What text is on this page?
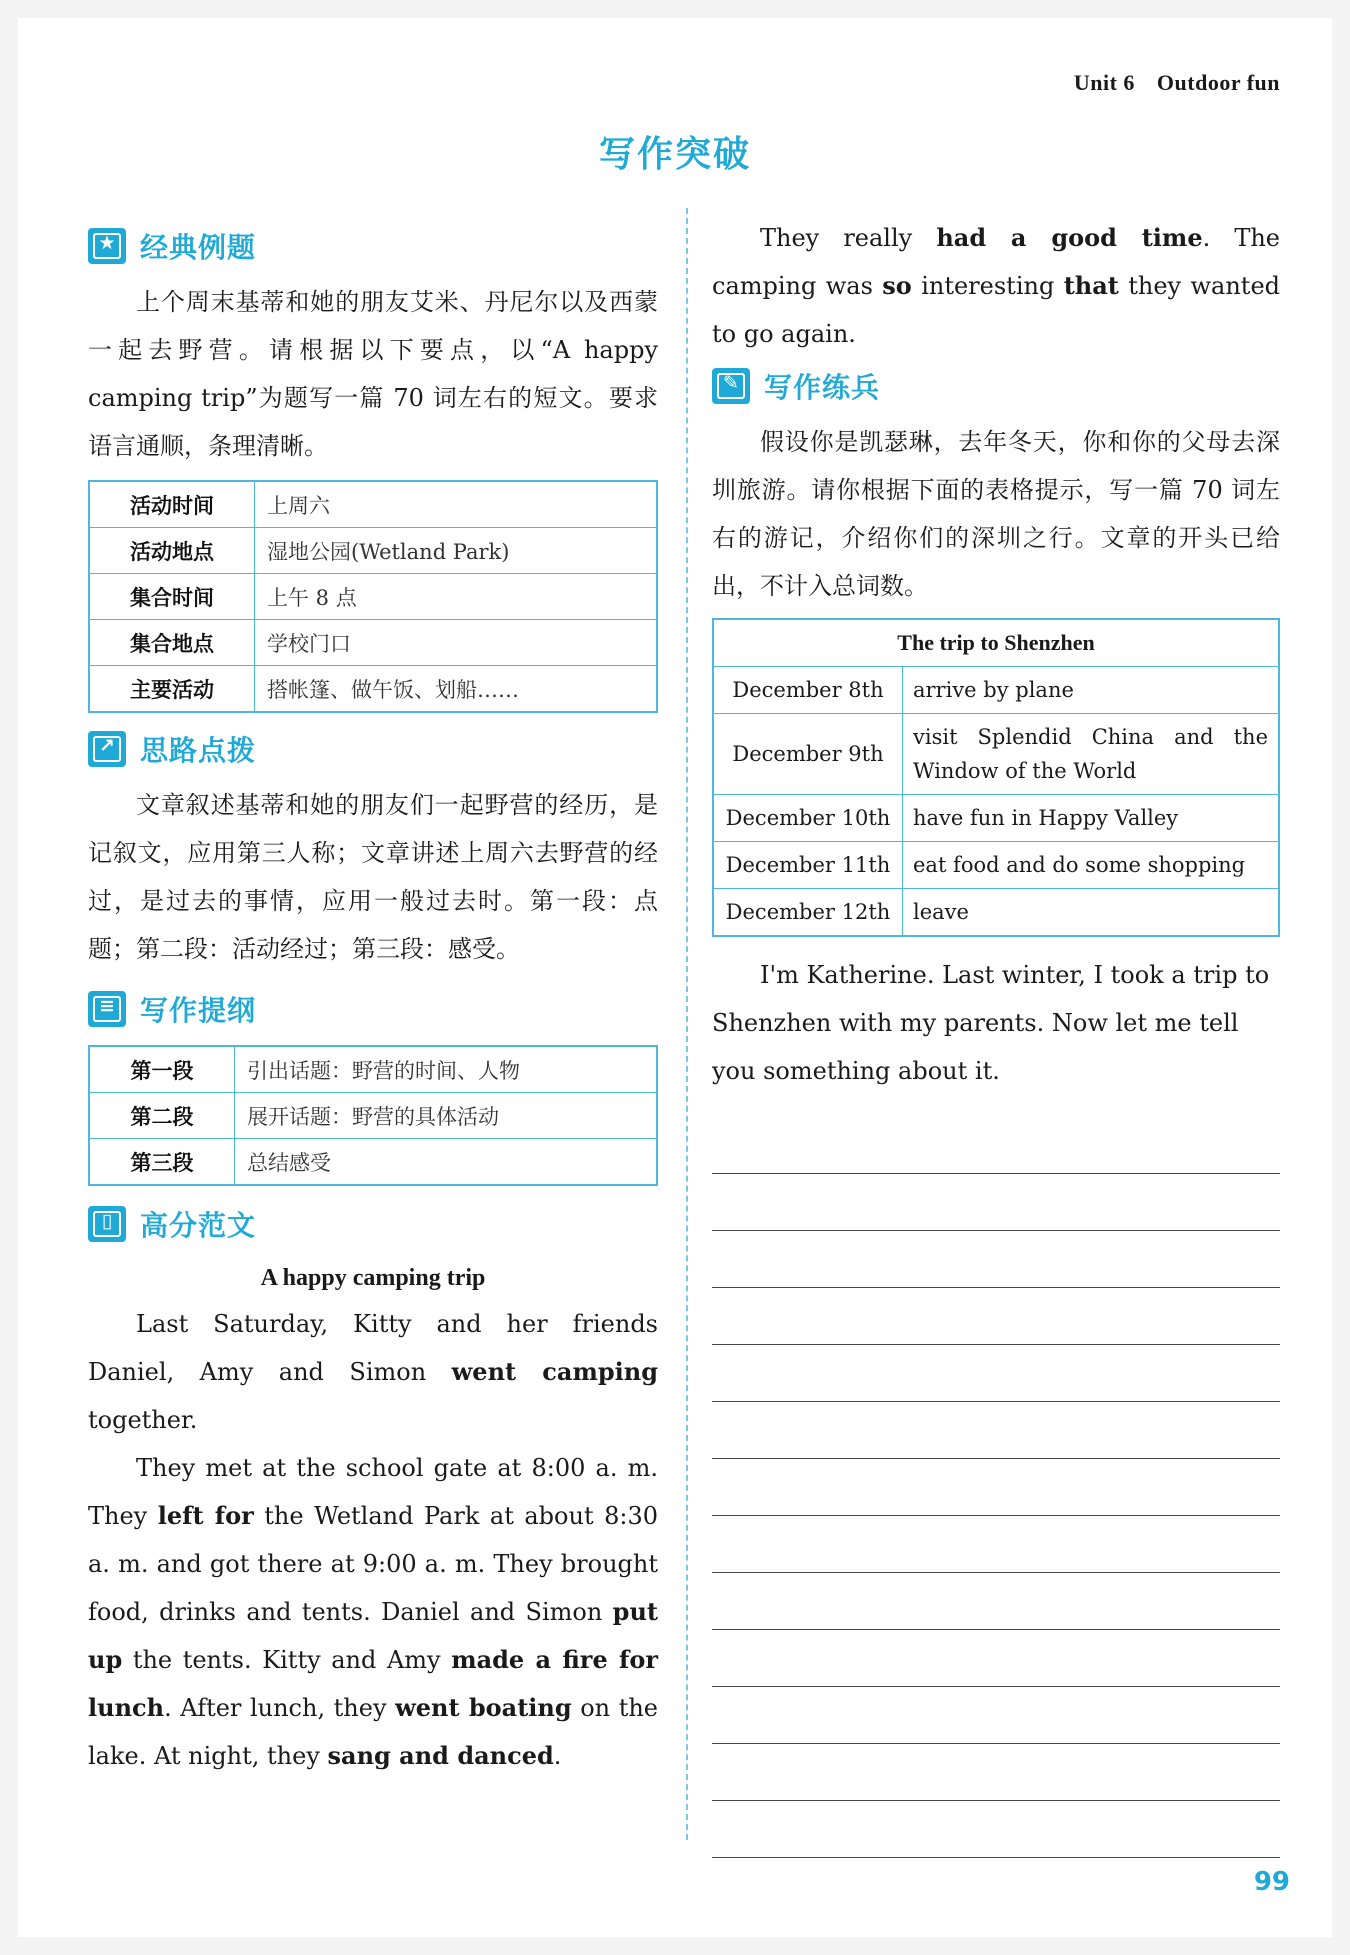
Unit 6 Outdoor fun
写作突破
★ 经典例题

上个周末基蒂和她的朋友艾米、丹尼尔以及西蒙一起去野营。请根据以下要点，以“A happy camping trip”为题写一篇 70 词左右的短文。要求语言通顺，条理清晰。

活动时间	上周六
活动地点	湿地公园(Wetland Park)
集合时间	上午 8 点
集合地点	学校门口
主要活动	搭帐篷、做午饭、划船……
↗ 思路点拨

文章叙述基蒂和她的朋友们一起野营的经历，是记叙文，应用第三人称；文章讲述上周六去野营的经过，是过去的事情，应用一般过去时。第一段：点题；第二段：活动经过；第三段：感受。

≡ 写作提纲
第一段	引出话题：野营的时间、人物
第二段	展开话题：野营的具体活动
第三段	总结感受
▯ 高分范文
A happy camping trip

Last Saturday, Kitty and her friends Daniel, Amy and Simon went camping together.

They met at the school gate at 8:00 a. m. They left for the Wetland Park at about 8:30 a. m. and got there at 9:00 a. m. They brought food, drinks and tents. Daniel and Simon put up the tents. Kitty and Amy made a fire for lunch. After lunch, they went boating on the lake. At night, they sang and danced.

They really had a good time. The camping was so interesting that they wanted to go again.

✎ 写作练兵

假设你是凯瑟琳，去年冬天，你和你的父母去深圳旅游。请你根据下面的表格提示，写一篇 70 词左右的游记，介绍你们的深圳之行。文章的开头已给出，不计入总词数。

The trip to Shenzhen	
December 8th	arrive by plane
December 9th	visit Splendid China and the Window of the World
December 10th	have fun in Happy Valley
December 11th	eat food and do some shopping
December 12th	leave

I'm Katherine. Last winter, I took a trip to Shenzhen with my parents. Now let me tell you something about it.

99
